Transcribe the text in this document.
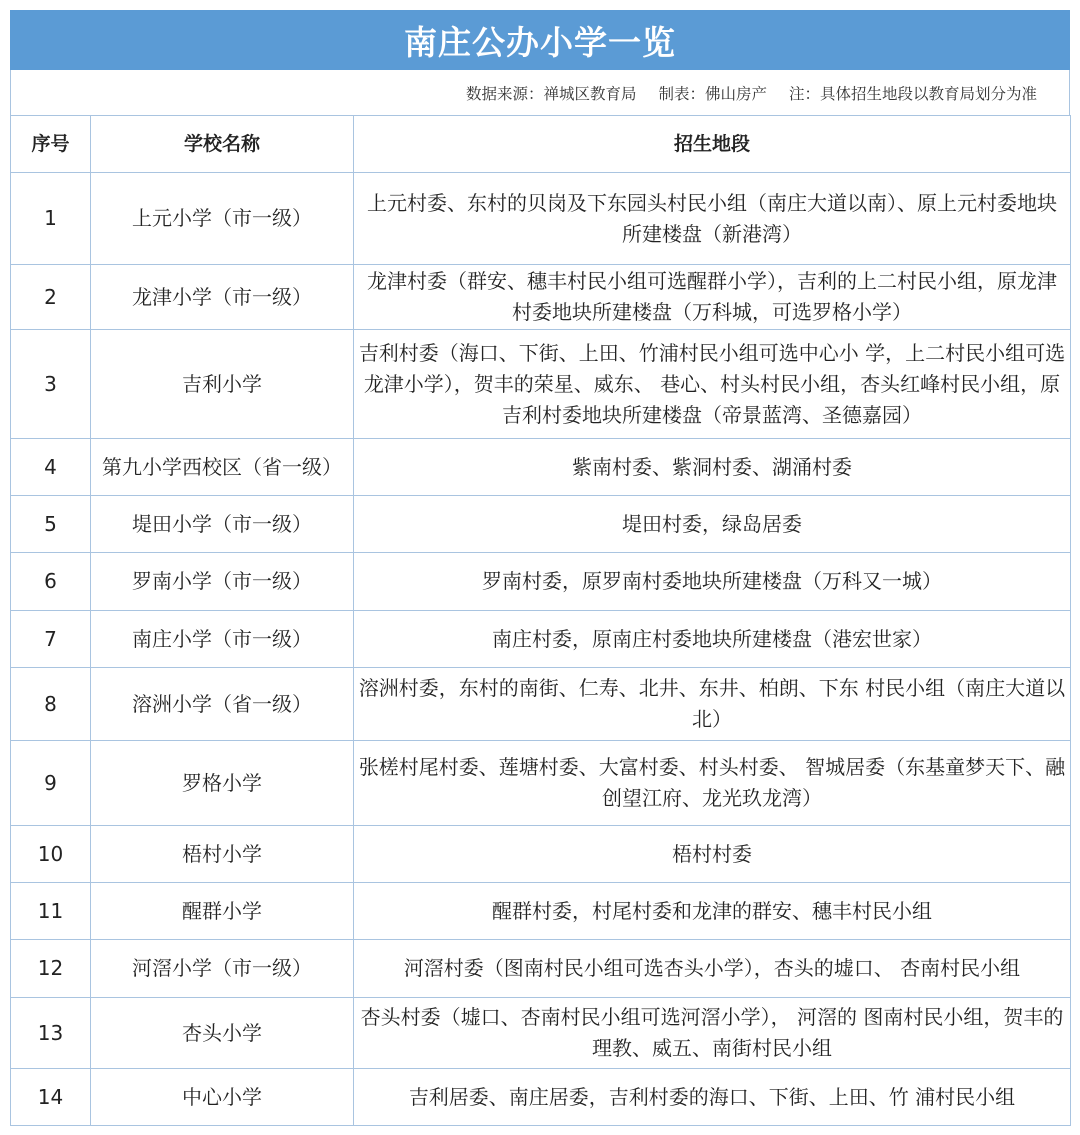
南庄公办小学一览
数据来源：禅城区教育局 制表：佛山房产 注：具体招生地段以教育局划分为准
序号	学校名称	招生地段
1	上元小学（市一级）	上元村委、东村的贝岗及下东园头村民小组（南庄大道以南）、原上元村委地块所建楼盘（新港湾）
2	龙津小学（市一级）	龙津村委（群安、穗丰村民小组可选醒群小学），吉利的上二村民小组，原龙津村委地块所建楼盘（万科城，可选罗格小学）
3	吉利小学	吉利村委（海口、下街、上田、竹浦村民小组可选中心小 学，上二村民小组可选龙津小学），贺丰的荣星、威东、 巷心、村头村民小组，杏头红峰村民小组，原吉利村委地块所建楼盘（帝景蓝湾、圣德嘉园）
4	第九小学西校区（省一级）	紫南村委、紫洞村委、湖涌村委
5	堤田小学（市一级）	堤田村委，绿岛居委
6	罗南小学（市一级）	罗南村委，原罗南村委地块所建楼盘（万科又一城）
7	南庄小学（市一级）	南庄村委，原南庄村委地块所建楼盘（港宏世家）
8	溶洲小学（省一级）	溶洲村委，东村的南街、仁寿、北井、东井、柏朗、下东 村民小组（南庄大道以北）
9	罗格小学	张槎村尾村委、莲塘村委、大富村委、村头村委、 智城居委（东基童梦天下、融创望江府、龙光玖龙湾）
10	梧村小学	梧村村委
11	醒群小学	醒群村委，村尾村委和龙津的群安、穗丰村民小组
12	河滘小学（市一级）	河滘村委（图南村民小组可选杏头小学），杏头的墟口、 杏南村民小组
13	杏头小学	杏头村委（墟口、杏南村民小组可选河滘小学）， 河滘的 图南村民小组，贺丰的理教、威五、南街村民小组
14	中心小学	吉利居委、南庄居委，吉利村委的海口、下街、上田、竹 浦村民小组
